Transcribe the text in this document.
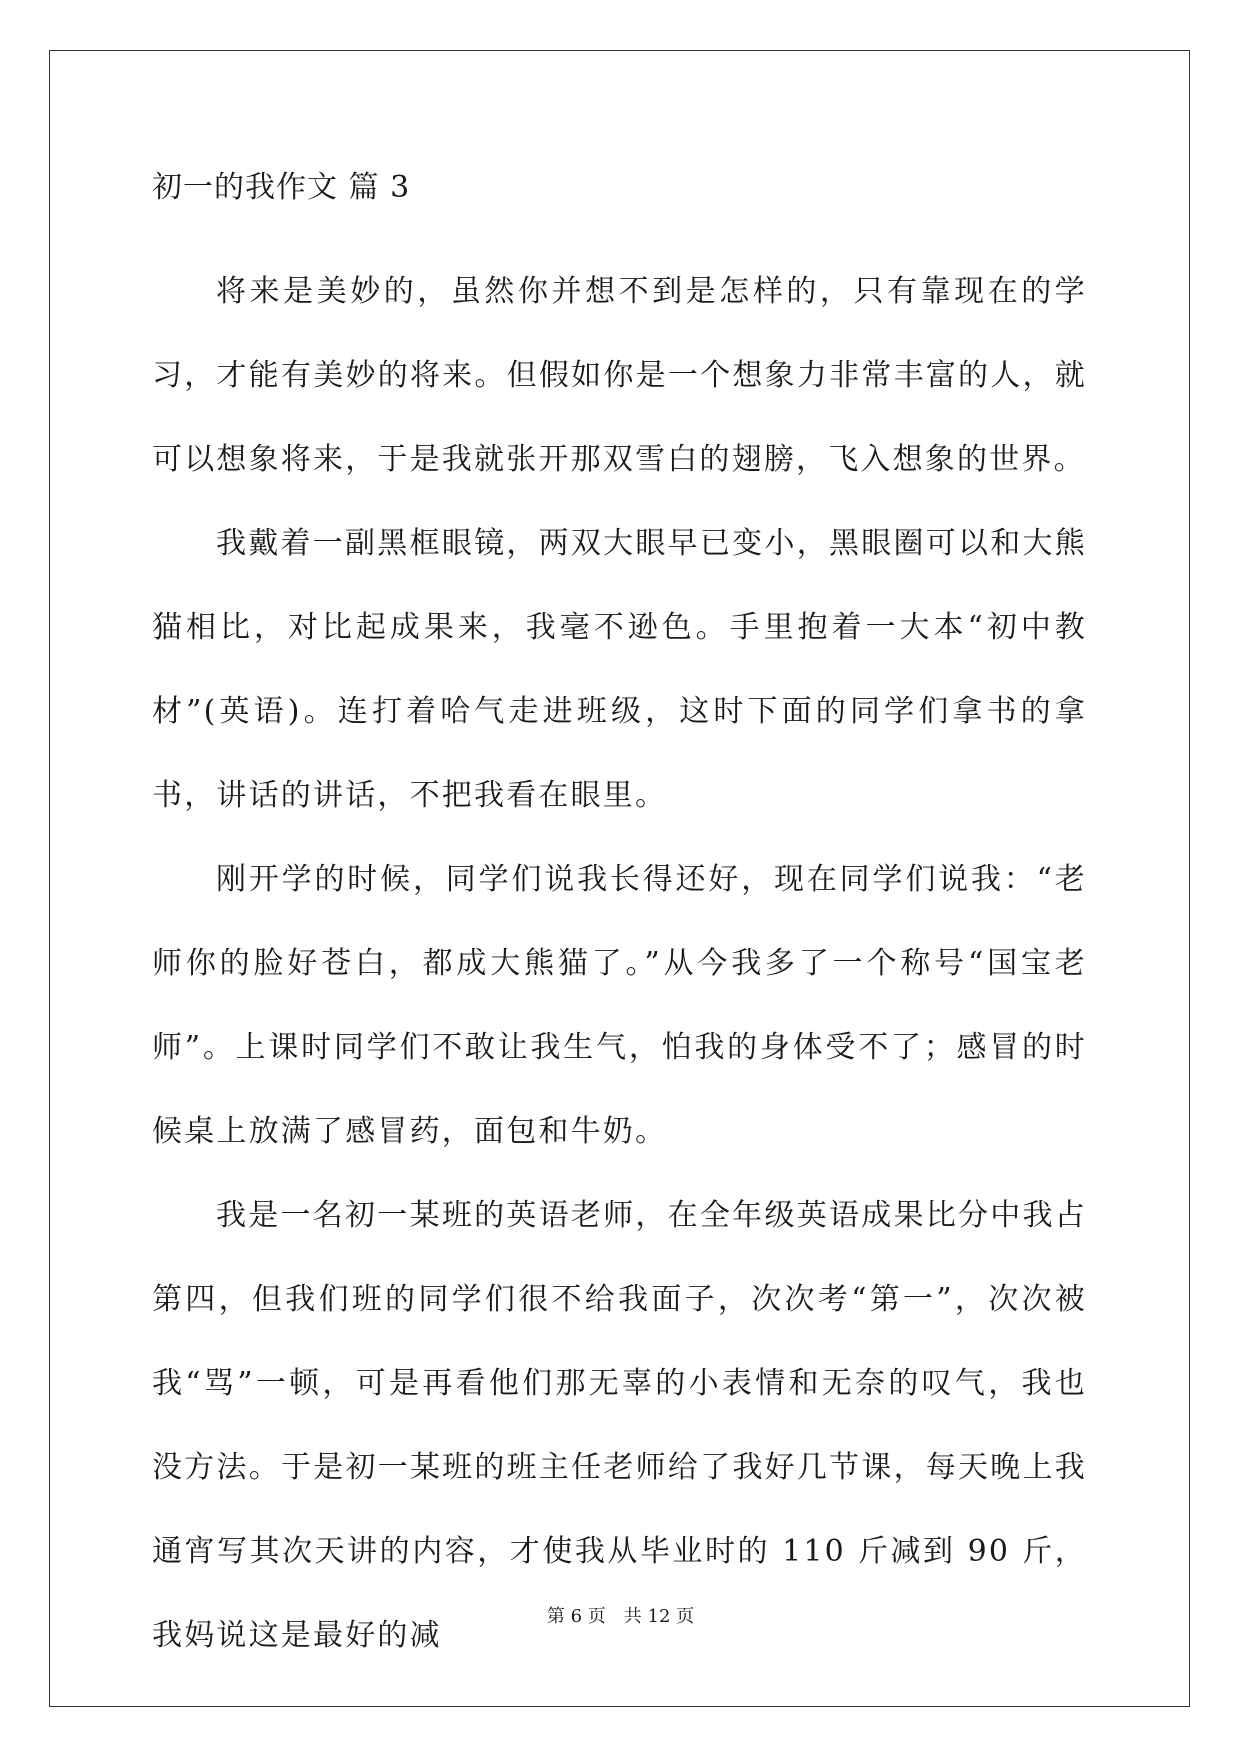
初一的我作文 篇 3

将来是美妙的，虽然你并想不到是怎样的，只有靠现在的学习，才能有美妙的将来。但假如你是一个想象力非常丰富的人，就可以想象将来，于是我就张开那双雪白的翅膀，飞入想象的世界。

我戴着一副黑框眼镜，两双大眼早已变小，黑眼圈可以和大熊猫相比，对比起成果来，我毫不逊色。手里抱着一大本“初中教材”(英语)。连打着哈气走进班级，这时下面的同学们拿书的拿书，讲话的讲话，不把我看在眼里。

刚开学的时候，同学们说我长得还好，现在同学们说我：“老师你的脸好苍白，都成大熊猫了。”从今我多了一个称号“国宝老师”。上课时同学们不敢让我生气，怕我的身体受不了；感冒的时候桌上放满了感冒药，面包和牛奶。

我是一名初一某班的英语老师，在全年级英语成果比分中我占第四，但我们班的同学们很不给我面子，次次考“第一”，次次被我“骂”一顿，可是再看他们那无辜的小表情和无奈的叹气，我也没方法。于是初一某班的班主任老师给了我好几节课，每天晚上我通宵写其次天讲的内容，才使我从毕业时的 110 斤减到 90 斤，我妈说这是最好的减

第 6 页　共 12 页
